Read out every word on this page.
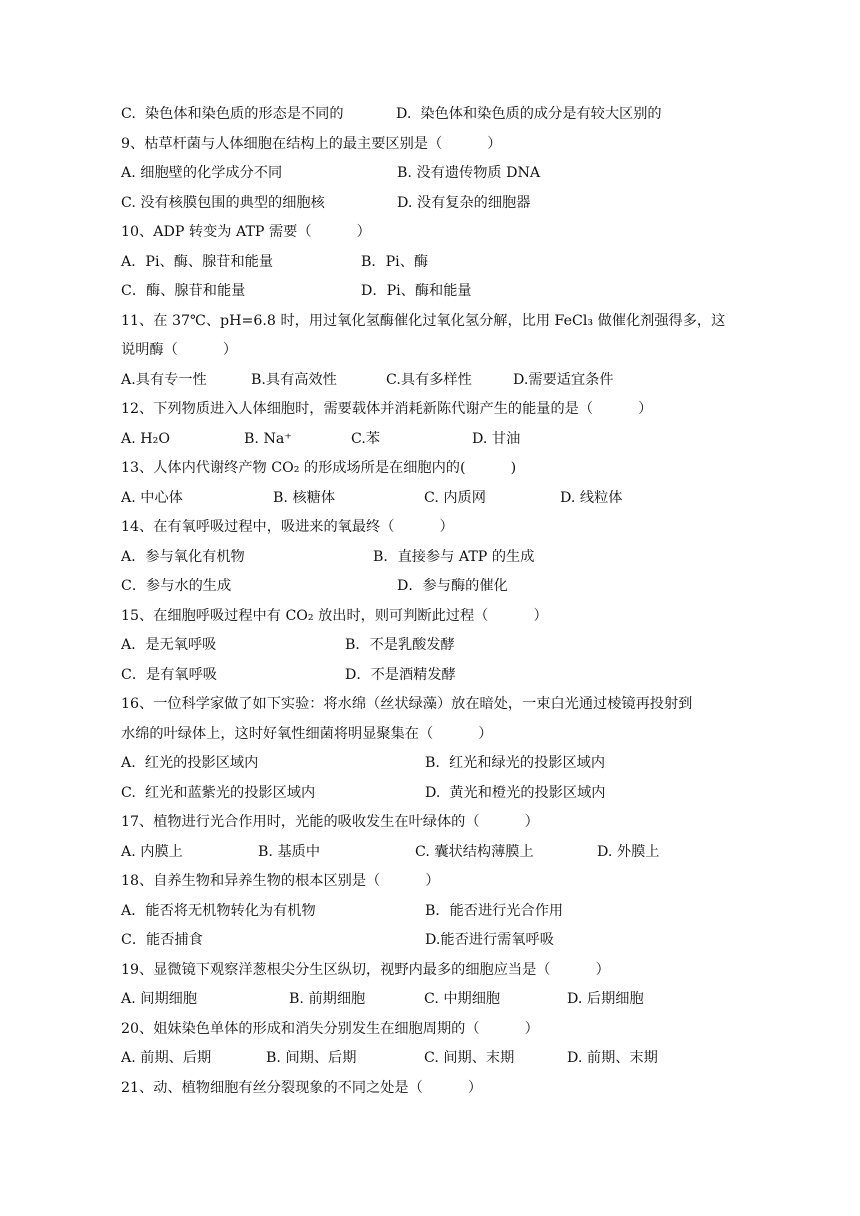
C.  染色体和染色质的形态是不同的	D.  染色体和染色质的成分是有较大区别的
9、枯草杆菌与人体细胞在结构上的最主要区别是（          ）
A. 细胞壁的化学成分不同	B. 没有遗传物质 DNA
C. 没有核膜包围的典型的细胞核	D. 没有复杂的细胞器
10、ADP 转变为 ATP 需要（          ）
A．Pi、酶、腺苷和能量	B．Pi、酶
C．酶、腺苷和能量	D．Pi、酶和能量
11、在 37℃、pH=6.8 时，用过氧化氢酶催化过氧化氢分解，比用 FeCl₃ 做催化剂强得多，这
说明酶（          ）
A.具有专一性	B.具有高效性	C.具有多样性	D.需要适宜条件
12、下列物质进入人体细胞时，需要载体并消耗新陈代谢产生的能量的是（          ）
A. H₂O	B. Na⁺	C.苯	D. 甘油
13、人体内代谢终产物 CO₂ 的形成场所是在细胞内的(          )
A. 中心体	B. 核糖体	C. 内质网	D. 线粒体
14、在有氧呼吸过程中，吸进来的氧最终（          ）
A．参与氧化有机物	B．直接参与 ATP 的生成
C．参与水的生成	D．参与酶的催化
15、在细胞呼吸过程中有 CO₂ 放出时，则可判断此过程（          ）
A．是无氧呼吸	B．不是乳酸发酵
C．是有氧呼吸	D．不是酒精发酵
16、一位科学家做了如下实验：将水绵（丝状绿藻）放在暗处，一束白光通过棱镜再投射到
水绵的叶绿体上，这时好氧性细菌将明显聚集在（          ）
A.  红光的投影区域内	B.  红光和绿光的投影区域内
C.  红光和蓝紫光的投影区域内	D.  黄光和橙光的投影区域内
17、植物进行光合作用时，光能的吸收发生在叶绿体的（          ）
A. 内膜上	B. 基质中	C. 囊状结构薄膜上	D. 外膜上
18、自养生物和异养生物的根本区别是（          ）
A．能否将无机物转化为有机物	B．能否进行光合作用
C．能否捕食	D.能否进行需氧呼吸
19、显微镜下观察洋葱根尖分生区纵切，视野内最多的细胞应当是（          ）
A. 间期细胞	B. 前期细胞	C. 中期细胞	D. 后期细胞
20、姐妹染色单体的形成和消失分别发生在细胞周期的（          ）
A. 前期、后期	B. 间期、后期	C. 间期、末期	D. 前期、末期
21、动、植物细胞有丝分裂现象的不同之处是（          ）
